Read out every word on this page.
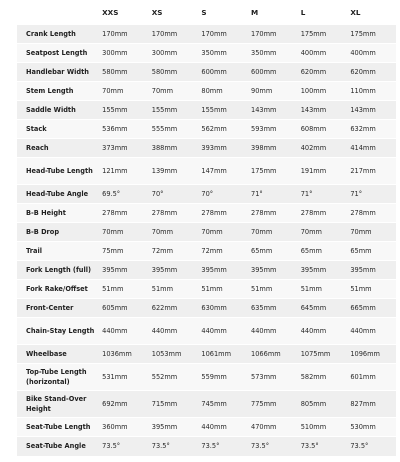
	XXS	XS	S	M	L	XL
Crank Length	170mm	170mm	170mm	170mm	175mm	175mm
Seatpost Length	300mm	300mm	350mm	350mm	400mm	400mm
Handlebar Width	580mm	580mm	600mm	600mm	620mm	620mm
Stem Length	70mm	70mm	80mm	90mm	100mm	110mm
Saddle Width	155mm	155mm	155mm	143mm	143mm	143mm
Stack	536mm	555mm	562mm	593mm	608mm	632mm
Reach	373mm	388mm	393mm	398mm	402mm	414mm
Head-Tube Length	121mm	139mm	147mm	175mm	191mm	217mm
Head-Tube Angle	69.5°	70°	70°	71°	71°	71°
B-B Height	278mm	278mm	278mm	278mm	278mm	278mm
B-B Drop	70mm	70mm	70mm	70mm	70mm	70mm
Trail	75mm	72mm	72mm	65mm	65mm	65mm
Fork Length (full)	395mm	395mm	395mm	395mm	395mm	395mm
Fork Rake/Offset	51mm	51mm	51mm	51mm	51mm	51mm
Front-Center	605mm	622mm	630mm	635mm	645mm	665mm
Chain-Stay Length	440mm	440mm	440mm	440mm	440mm	440mm
Wheelbase	1036mm	1053mm	1061mm	1066mm	1075mm	1096mm
Top-Tube Length (horizontal)	531mm	552mm	559mm	573mm	582mm	601mm
Bike Stand-Over Height	692mm	715mm	745mm	775mm	805mm	827mm
Seat-Tube Length	360mm	395mm	440mm	470mm	510mm	530mm
Seat-Tube Angle	73.5°	73.5°	73.5°	73.5°	73.5°	73.5°
